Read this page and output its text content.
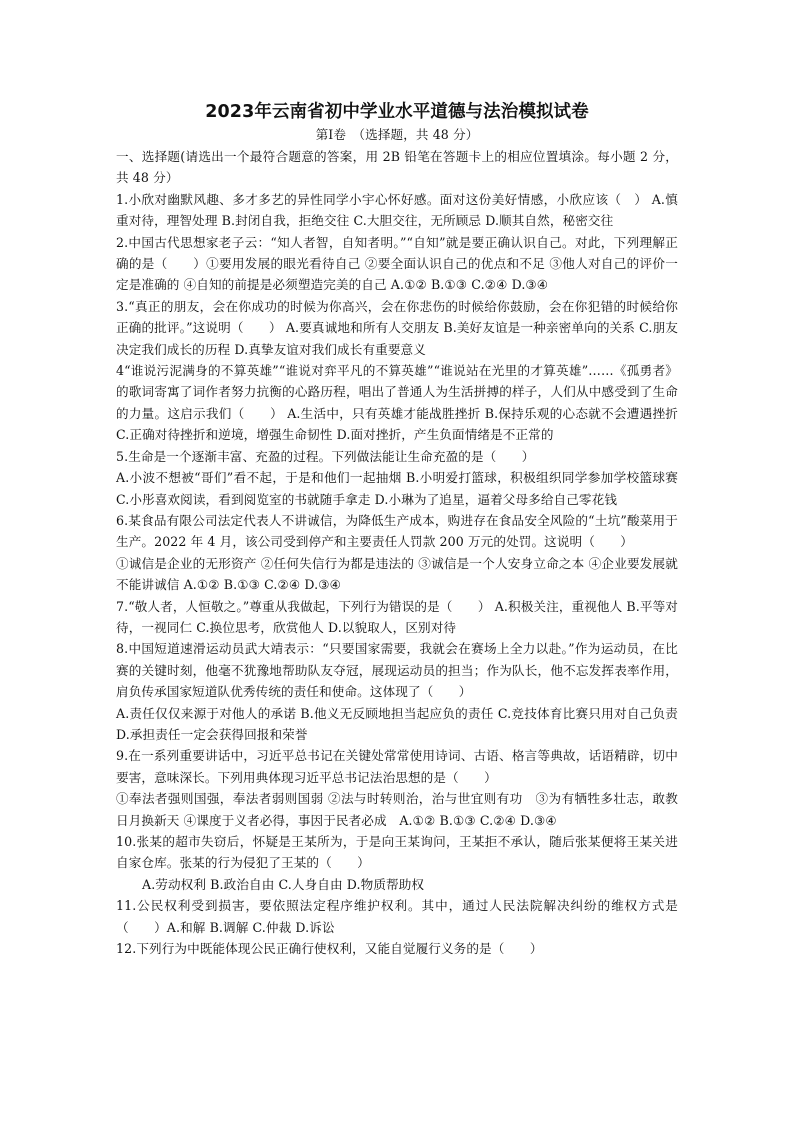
2023年云南省初中学业水平道德与法治模拟试卷
第Ⅰ卷　（选择题，共 48 分）

一、选择题(请选出一个最符合题意的答案，用 2B 铅笔在答题卡上的相应位置填涂。每小题 2 分，共 48 分）

1.小欣对幽默风趣、多才多艺的异性同学小宇心怀好感。面对这份美好情感，小欣应该（　） A.慎重对待，理智处理 B.封闭自我，拒绝交往 C.大胆交往，无所顾忌 D.顺其自然，秘密交往

2.中国古代思想家老子云：“知人者智，自知者明。”“自知”就是要正确认识自己。对此，下列理解正确的是（　　）①要用发展的眼光看待自己 ②要全面认识自己的优点和不足 ③他人对自己的评价一定是准确的 ④自知的前提是必须塑造完美的自己 A.①② B.①③ C.②④ D.③④

3.“真正的朋友，会在你成功的时候为你高兴，会在你悲伤的时候给你鼓励，会在你犯错的时候给你正确的批评。”这说明（　　） A.要真诚地和所有人交朋友 B.美好友谊是一种亲密单向的关系 C.朋友决定我们成长的历程 D.真挚友谊对我们成长有重要意义

4“谁说污泥满身的不算英雄”“谁说对弈平凡的不算英雄”“谁说站在光里的才算英雄”……《孤勇者》的歌词寄寓了词作者努力抗衡的心路历程，唱出了普通人为生活拼搏的样子，人们从中感受到了生命的力量。这启示我们（　　） A.生活中，只有英雄才能战胜挫折 B.保持乐观的心态就不会遭遇挫折 C.正确对待挫折和逆境，增强生命韧性 D.面对挫折，产生负面情绪是不正常的

5.生命是一个逐渐丰富、充盈的过程。下列做法能让生命充盈的是（　　）

A.小波不想被“哥们”看不起，于是和他们一起抽烟 B.小明爱打篮球，积极组织同学参加学校篮球赛 C.小彤喜欢阅读，看到阅览室的书就随手拿走 D.小琳为了追星，逼着父母多给自己零花钱

6.某食品有限公司法定代表人不讲诚信，为降低生产成本，购进存在食品安全风险的“土坑”酸菜用于生产。2022 年 4 月，该公司受到停产和主要责任人罚款 200 万元的处罚。这说明（　　）

①诚信是企业的无形资产 ②任何失信行为都是违法的 ③诚信是一个人安身立命之本 ④企业要发展就不能讲诚信 A.①② B.①③ C.②④ D.③④

7.“敬人者，人恒敬之。”尊重从我做起，下列行为错误的是（　　） A.积极关注，重视他人 B.平等对待，一视同仁 C.换位思考，欣赏他人 D.以貌取人，区别对待

8.中国短道速滑运动员武大靖表示：“只要国家需要，我就会在赛场上全力以赴。”作为运动员，在比赛的关键时刻，他毫不犹豫地帮助队友夺冠，展现运动员的担当；作为队长，他不忘发挥表率作用，肩负传承国家短道队优秀传统的责任和使命。这体现了（　　）

A.责任仅仅来源于对他人的承诺 B.他义无反顾地担当起应负的责任 C.竞技体育比赛只用对自己负责 D.承担责任一定会获得回报和荣誉

9.在一系列重要讲话中，习近平总书记在关键处常常使用诗词、古语、格言等典故，话语精辟，切中要害，意味深长。下列用典体现习近平总书记法治思想的是（　　）

①奉法者强则国强，奉法者弱则国弱 ②法与时转则治，治与世宜则有功　③为有牺牲多壮志，敢教日月换新天 ④课度于义者必得，事因于民者必成　A.①② B.①③ C.②④ D.③④

10.张某的超市失窃后，怀疑是王某所为，于是向王某询问，王某拒不承认，随后张某便将王某关进自家仓库。张某的行为侵犯了王某的（　　）

A.劳动权利 B.政治自由 C.人身自由 D.物质帮助权

11.公民权利受到损害，要依照法定程序维护权利。其中，通过人民法院解决纠纷的维权方式是（　　）A.和解 B.调解 C.仲裁 D.诉讼

12.下列行为中既能体现公民正确行使权利，又能自觉履行义务的是（　　）
